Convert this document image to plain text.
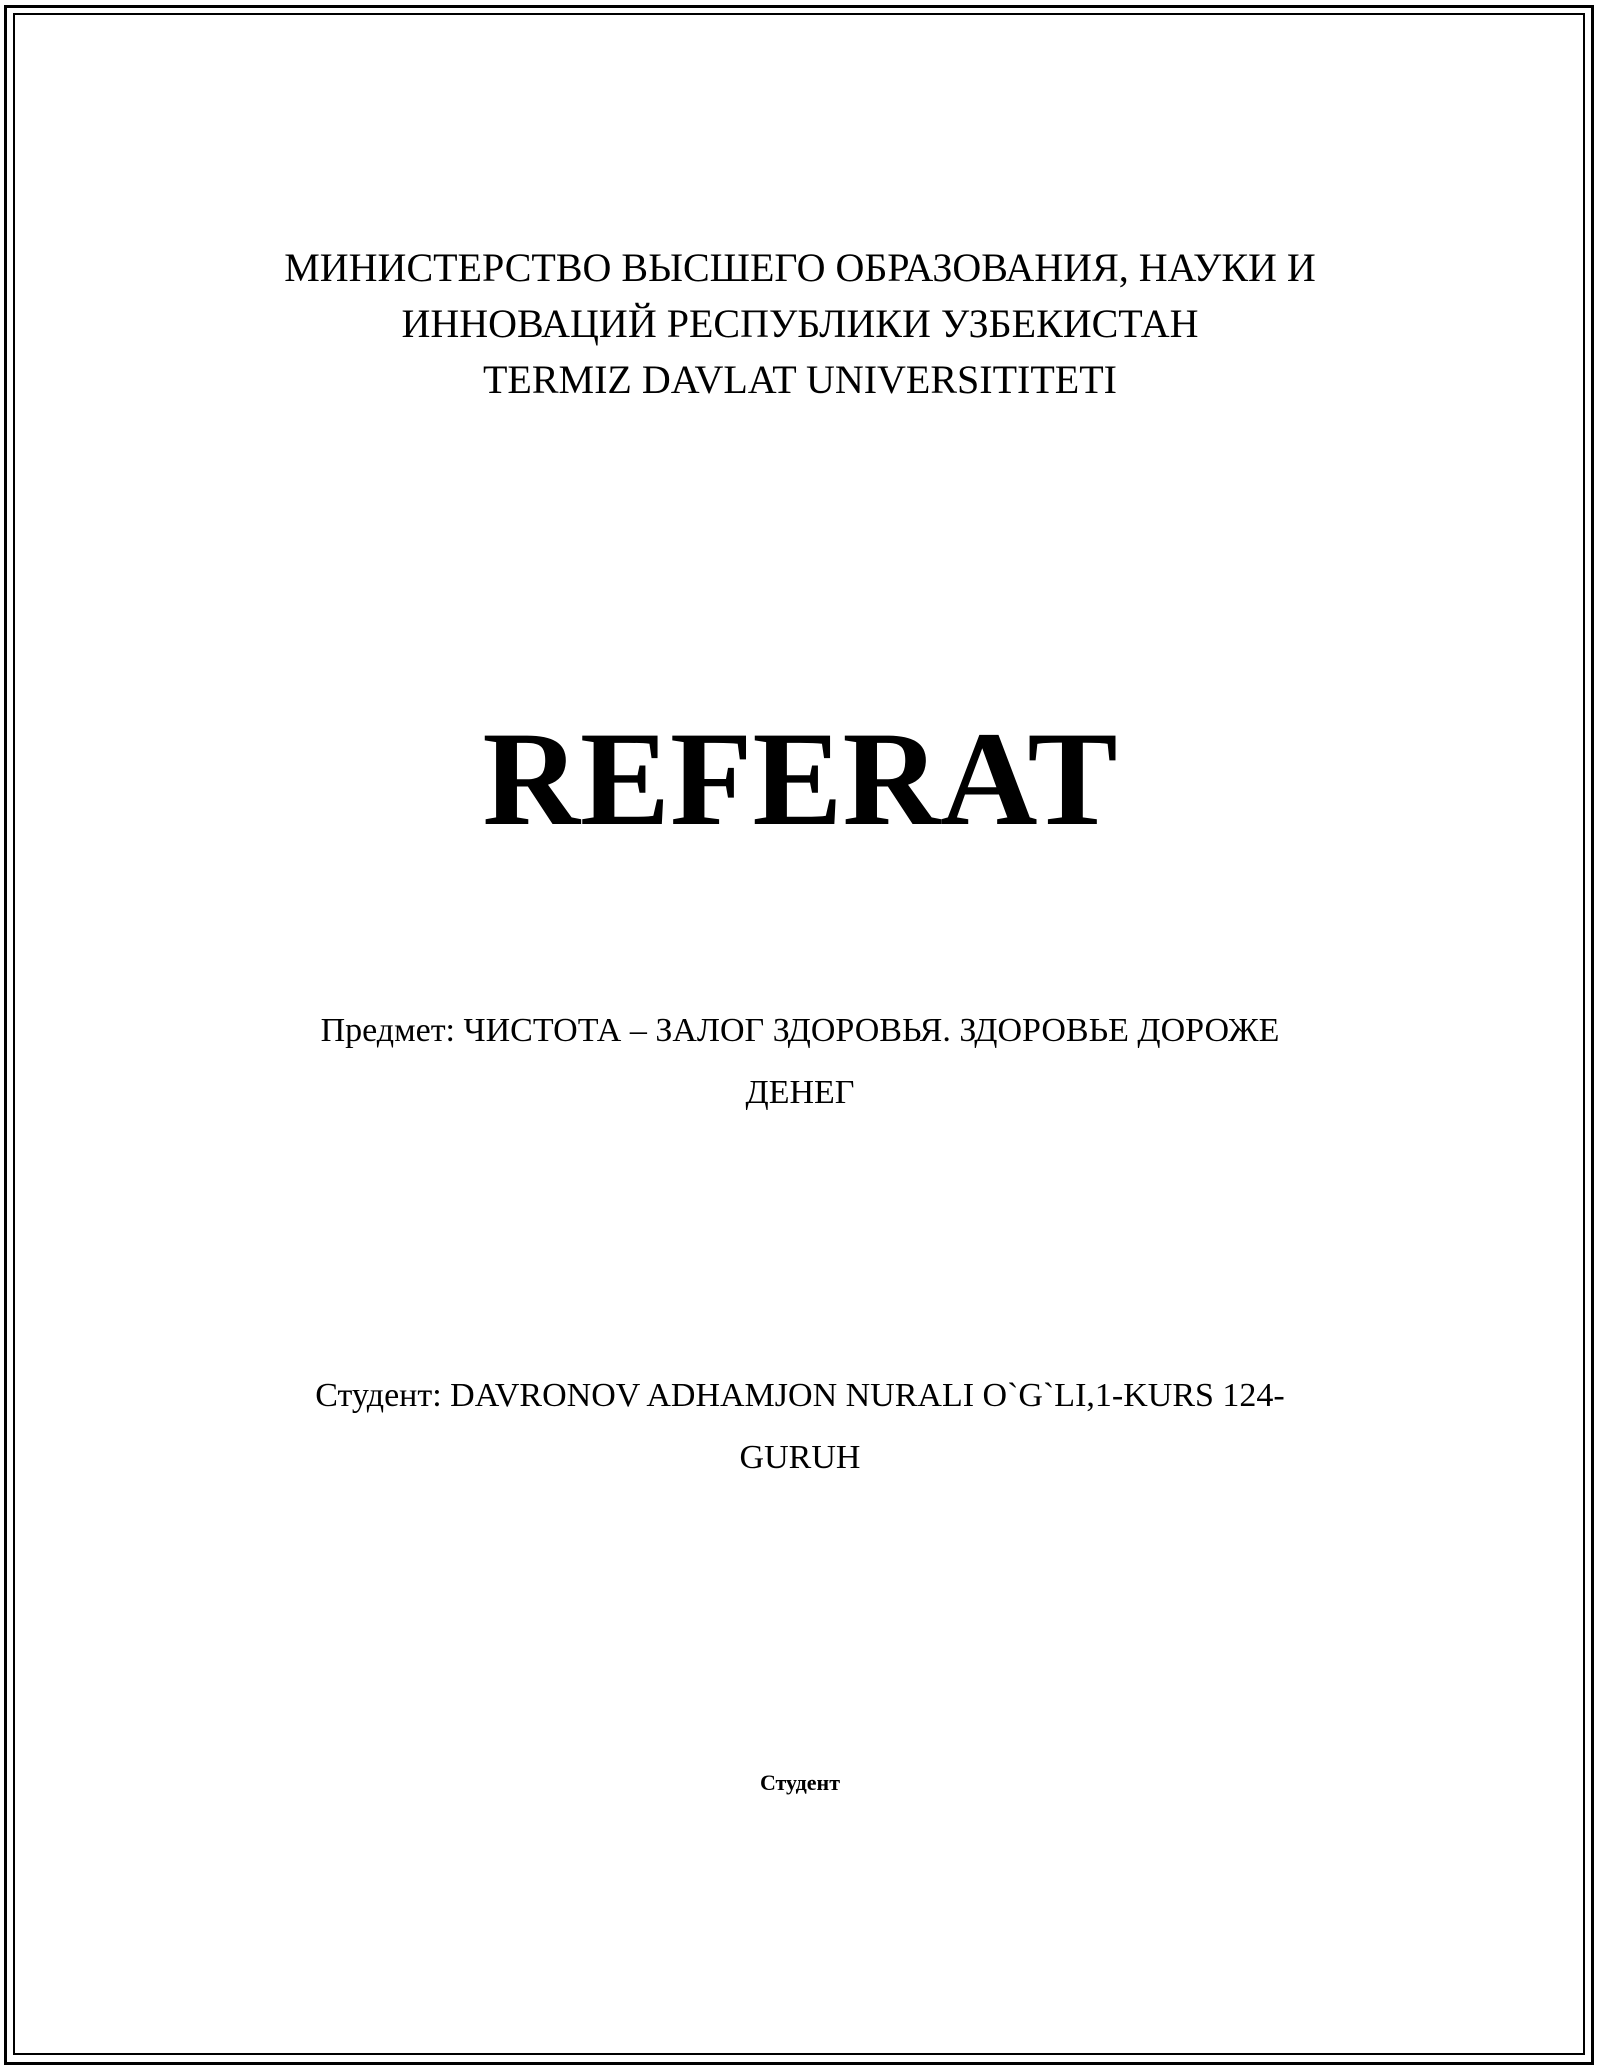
МИНИСТЕРСТВО ВЫСШЕГО ОБРАЗОВАНИЯ, НАУКИ И
ИННОВАЦИЙ РЕСПУБЛИКИ УЗБЕКИСТАН
TERMIZ DAVLAT UNIVERSITITETI
REFERAT
Предмет: ЧИСТОТА – ЗАЛОГ ЗДОРОВЬЯ. ЗДОРОВЬЕ ДОРОЖЕ
ДЕНЕГ
Студент: DAVRONOV ADHAMJON NURALI O`G`LI,1-KURS 124-
GURUH
Студент
